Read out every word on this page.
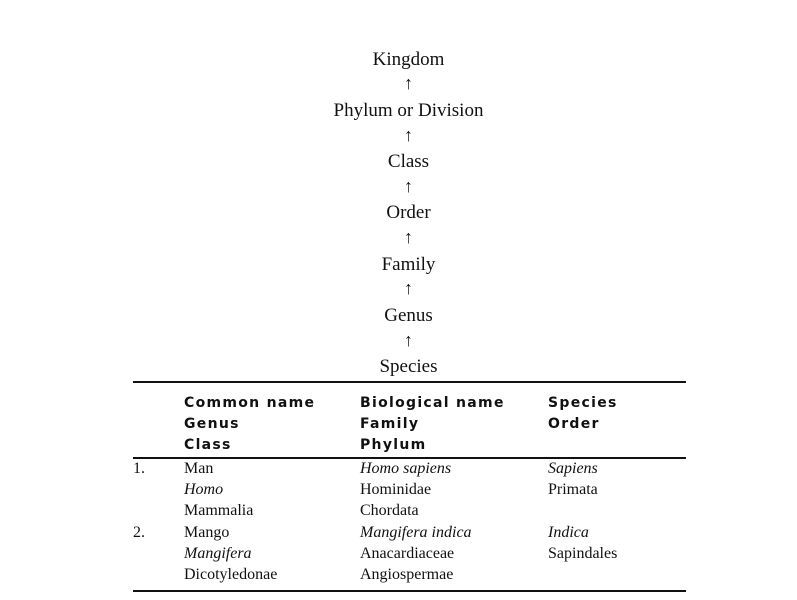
Kingdom
↑
Phylum or Division
↑
Class
↑
Order
↑
Family
↑
Genus
↑
Species
Common name
Genus
Class
Biological name
Family
Phylum
Species
Order
1. Man
Homo
Mammalia
Homo sapiens
Hominidae
Chordata
Sapiens
Primata
2. Mango
Mangifera
Dicotyledonae
Mangifera indica
Anacardiaceae
Angiospermae
Indica
Sapindales
